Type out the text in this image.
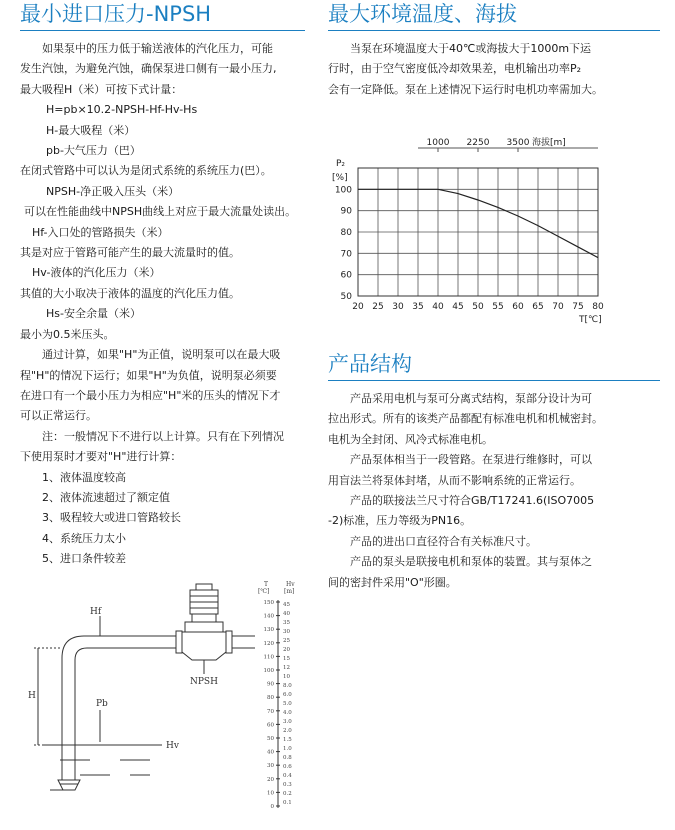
最小进口压力-NPSH
如果泵中的压力低于输送液体的汽化压力，可能
发生汽蚀，为避免汽蚀，确保泵进口侧有一最小压力,
最大吸程H（米）可按下式计量：
H=pb×10.2-NPSH-Hf-Hv-Hs
H-最大吸程（米）
pb-大气压力（巴）
在闭式管路中可以认为是闭式系统的系统压力(巴）。
NPSH-净正吸入压头（米）
可以在性能曲线中NPSH曲线上对应于最大流量处读出。
Hf-入口处的管路损失（米）
其是对应于管路可能产生的最大流量时的值。
Hv-液体的汽化压力（米）
其值的大小取决于液体的温度的汽化压力值。
Hs-安全余量（米）
最小为0.5米压头。
通过计算，如果"H"为正值，说明泵可以在最大吸
程"H"的情况下运行；如果"H"为负值，说明泵必须要
在进口有一个最小压力为相应"H"米的压头的情况下才
可以正常运行。
注：一般情况下不进行以上计算。只有在下列情况
下使用泵时才要对"H"进行计算：
1、液体温度较高
2、液体流速超过了额定值
3、吸程较大或进口管路较长
4、系统压力太小
5、进口条件较差
Hf
H
NPSH
Pb
Hv
T
[℃]
Hv
[m]
150
140
130
120
110
100
90
80
70
60
50
40
30
20
10
0
45
40
35
30
25
20
15
12
10
8.0
6.0
5.0
4.0
3.0
2.0
1.5
1.0
0.8
0.6
0.4
0.3
0.2
0.1
最大环境温度、海拔
当泵在环境温度大于40℃或海拔大于1000m下运
行时，由于空气密度低冷却效果差，电机输出功率P₂
会有一定降低。泵在上述情况下运行时电机功率需加大。
1000 2250 3500
20 25 30 35 40 45 50 55 60 65 70 75 80
50
60
70
80
90
100
P₂
[%]
T[℃]
海拔[m]
产品结构
产品采用电机与泵可分离式结构，泵部分设计为可
拉出形式。所有的该类产品都配有标准电机和机械密封。
电机为全封闭、风冷式标准电机。
产品泵体相当于一段管路。在泵进行维修时，可以
用盲法兰将泵体封堵，从而不影响系统的正常运行。
产品的联接法兰尺寸符合GB/T17241.6(ISO7005
-2)标准，压力等级为PN16。
产品的进出口直径符合有关标准尺寸。
产品的泵头是联接电机和泵体的装置。其与泵体之
间的密封件采用"O"形圈。
